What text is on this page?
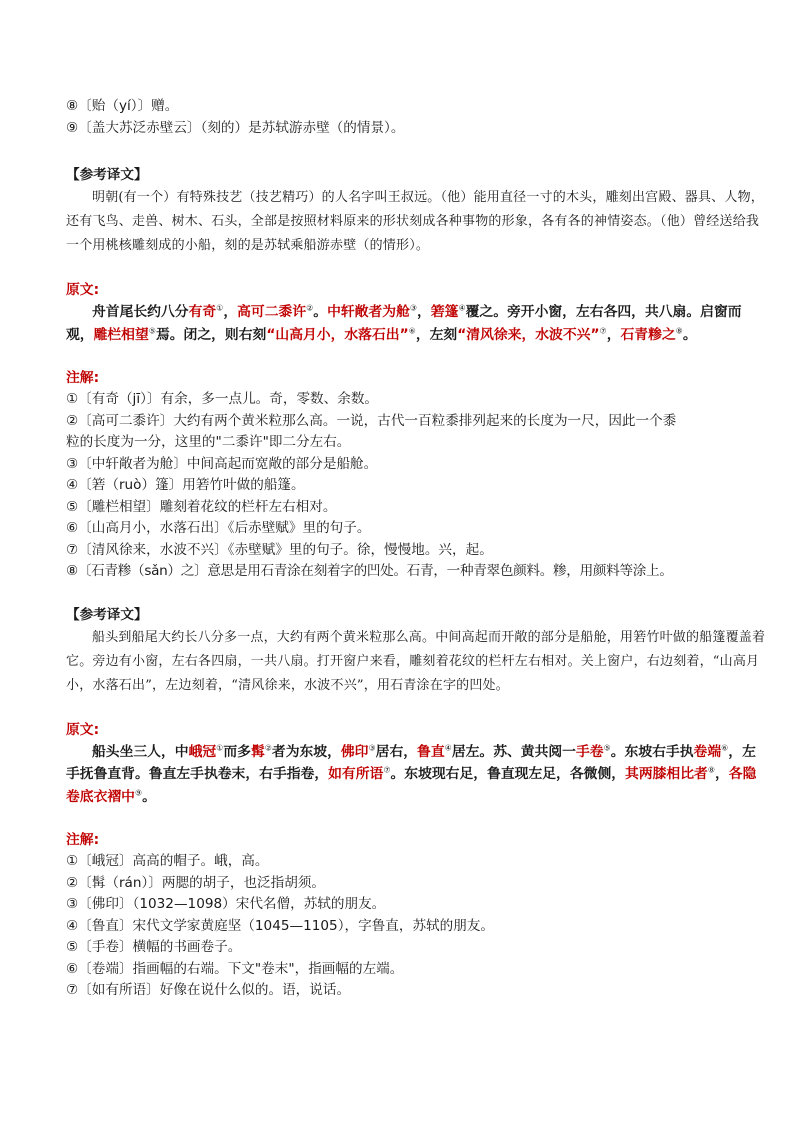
⑧〔贻（yí）〕赠。
⑨〔盖大苏泛赤壁云〕（刻的）是苏轼游赤壁（的情景）。
【参考译文】
明朝(有一个）有特殊技艺（技艺精巧）的人名字叫王叔远。（他）能用直径一寸的木头，雕刻出宫殿、器具、人物，还有飞鸟、走兽、树木、石头，全部是按照材料原来的形状刻成各种事物的形象，各有各的神情姿态。（他）曾经送给我一个用桃核雕刻成的小船，刻的是苏轼乘船游赤壁（的情形）。
原文:
舟首尾长约八分有奇①，高可二黍许②。中轩敞者为舱③，箬篷④覆之。旁开小窗，左右各四，共八扇。启窗而观，雕栏相望⑤焉。闭之，则右刻“山高月小，水落石出”⑥，左刻“清风徐来，水波不兴”⑦，石青糁之⑧。
注解:
①〔有奇（jī）〕有余，多一点儿。奇，零数、余数。
②〔高可二黍许〕大约有两个黄米粒那么高。一说，古代一百粒黍排列起来的长度为一尺，因此一个黍
粒的长度为一分，这里的"二黍许"即二分左右。
③〔中轩敞者为舱〕中间高起而宽敞的部分是船舱。
④〔箬（ruò）篷〕用箬竹叶做的船篷。
⑤〔雕栏相望〕雕刻着花纹的栏杆左右相对。
⑥〔山高月小，水落石出〕《后赤壁赋》里的句子。
⑦〔清风徐来，水波不兴〕《赤壁赋》里的句子。徐，慢慢地。兴，起。
⑧〔石青糁（sǎn）之〕意思是用石青涂在刻着字的凹处。石青，一种青翠色颜料。糁，用颜料等涂上。
【参考译文】
船头到船尾大约长八分多一点，大约有两个黄米粒那么高。中间高起而开敞的部分是船舱，用箬竹叶做的船篷覆盖着它。旁边有小窗，左右各四扇，一共八扇。打开窗户来看，雕刻着花纹的栏杆左右相对。关上窗户，右边刻着，“山高月小，水落石出”，左边刻着，“清风徐来，水波不兴”，用石青涂在字的凹处。
原文:
船头坐三人，中峨冠①而多髯②者为东坡，佛印③居右，鲁直④居左。苏、黄共阅一手卷⑤。东坡右手执卷端⑥，左手抚鲁直背。鲁直左手执卷末，右手指卷，如有所语⑦。东坡现右足，鲁直现左足，各微侧，其两膝相比者⑧，各隐卷底衣褶中⑨。
注解:
①〔峨冠〕高高的帽子。峨，高。
②〔髯（rán）〕两腮的胡子，也泛指胡须。
③〔佛印〕（1032—1098）宋代名僧，苏轼的朋友。
④〔鲁直〕宋代文学家黄庭坚（1045—1105），字鲁直，苏轼的朋友。
⑤〔手卷〕横幅的书画卷子。
⑥〔卷端〕指画幅的右端。下文"卷末"，指画幅的左端。
⑦〔如有所语〕好像在说什么似的。语，说话。
